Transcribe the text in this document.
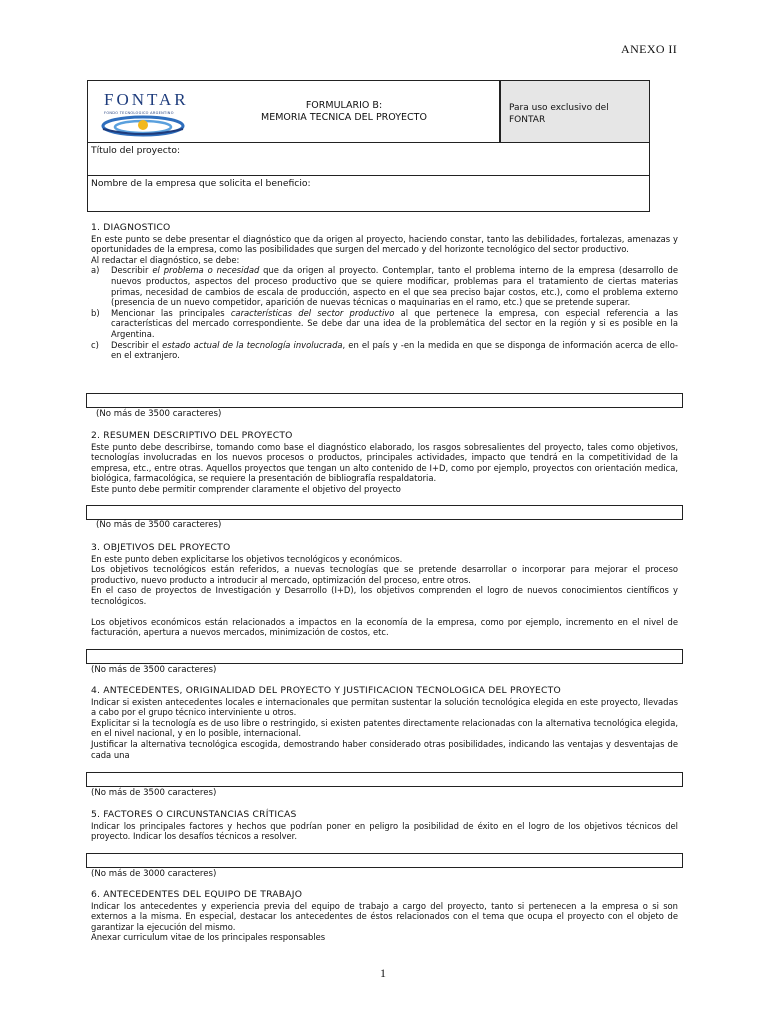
ANEXO II
FONTAR
FONDO TECNOLOGICO ARGENTINO
FORMULARIO B:
MEMORIA TECNICA DEL PROYECTO
Para uso exclusivo del
FONTAR
Título del proyecto:
Nombre de la empresa que solicita el beneficio:

1. DIAGNOSTICO

En este punto se debe presentar el diagnóstico que da origen al proyecto, haciendo constar, tanto las debilidades, fortalezas, amenazas y oportunidades de la empresa, como las posibilidades que surgen del mercado y del horizonte tecnológico del sector productivo.

Al redactar el diagnóstico, se debe:

a)	Describir el problema o necesidad que da origen al proyecto. Contemplar, tanto el problema interno de la empresa (desarrollo de nuevos productos, aspectos del proceso productivo que se quiere modificar, problemas para el tratamiento de ciertas materias primas, necesidad de cambios de escala de producción, aspecto en el que sea preciso bajar costos, etc.), como el problema externo (presencia de un nuevo competidor, aparición de nuevas técnicas o maquinarias en el ramo, etc.) que se pretende superar.
b)	Mencionar las principales características del sector productivo al que pertenece la empresa, con especial referencia a las características del mercado correspondiente. Se debe dar una idea de la problemática del sector en la región y si es posible en la Argentina.
c)	Describir el estado actual de la tecnología involucrada, en el país y -en la medida en que se disponga de información acerca de ello- en el extranjero.
(No más de 3500 caracteres)

2. RESUMEN DESCRIPTIVO DEL PROYECTO

Este punto debe describirse, tomando como base el diagnóstico elaborado, los rasgos sobresalientes del proyecto, tales como objetivos, tecnologías involucradas en los nuevos procesos o productos, principales actividades, impacto que tendrá en la competitividad de la empresa, etc., entre otras. Aquellos proyectos que tengan un alto contenido de I+D, como por ejemplo, proyectos con orientación medica, biológica, farmacológica, se requiere la presentación de bibliografía respaldatoria.

Este punto debe permitir comprender claramente el objetivo del proyecto

(No más de 3500 caracteres)

3. OBJETIVOS DEL PROYECTO

En este punto deben explicitarse los objetivos tecnológicos y económicos.

Los objetivos tecnológicos están referidos, a nuevas tecnologías que se pretende desarrollar o incorporar para mejorar el proceso productivo, nuevo producto a introducir al mercado, optimización del proceso, entre otros.

En el caso de proyectos de Investigación y Desarrollo (I+D), los objetivos comprenden el logro de nuevos conocimientos científicos y tecnológicos.

Los objetivos económicos están relacionados a impactos en la economía de la empresa, como por ejemplo, incremento en el nivel de facturación, apertura a nuevos mercados, minimización de costos, etc.

(No más de 3500 caracteres)

4. ANTECEDENTES, ORIGINALIDAD DEL PROYECTO Y JUSTIFICACION TECNOLOGICA DEL PROYECTO

Indicar si existen antecedentes locales e internacionales que permitan sustentar la solución tecnológica elegida en este proyecto, llevadas a cabo por el grupo técnico interviniente u otros.

Explicitar si la tecnología es de uso libre o restringido, si existen patentes directamente relacionadas con la alternativa tecnológica elegida, en el nivel nacional, y en lo posible, internacional.

Justificar la alternativa tecnológica escogida, demostrando haber considerado otras posibilidades, indicando las ventajas y desventajas de cada una

(No más de 3500 caracteres)

5. FACTORES O CIRCUNSTANCIAS CRÍTICAS

Indicar los principales factores y hechos que podrían poner en peligro la posibilidad de éxito en el logro de los objetivos técnicos del proyecto. Indicar los desafíos técnicos a resolver.

(No más de 3000 caracteres)

6. ANTECEDENTES DEL EQUIPO DE TRABAJO

Indicar los antecedentes y experiencia previa del equipo de trabajo a cargo del proyecto, tanto si pertenecen a la empresa o si son externos a la misma. En especial, destacar los antecedentes de éstos relacionados con el tema que ocupa el proyecto con el objeto de garantizar la ejecución del mismo.

Anexar curriculum vitae de los principales responsables

1
